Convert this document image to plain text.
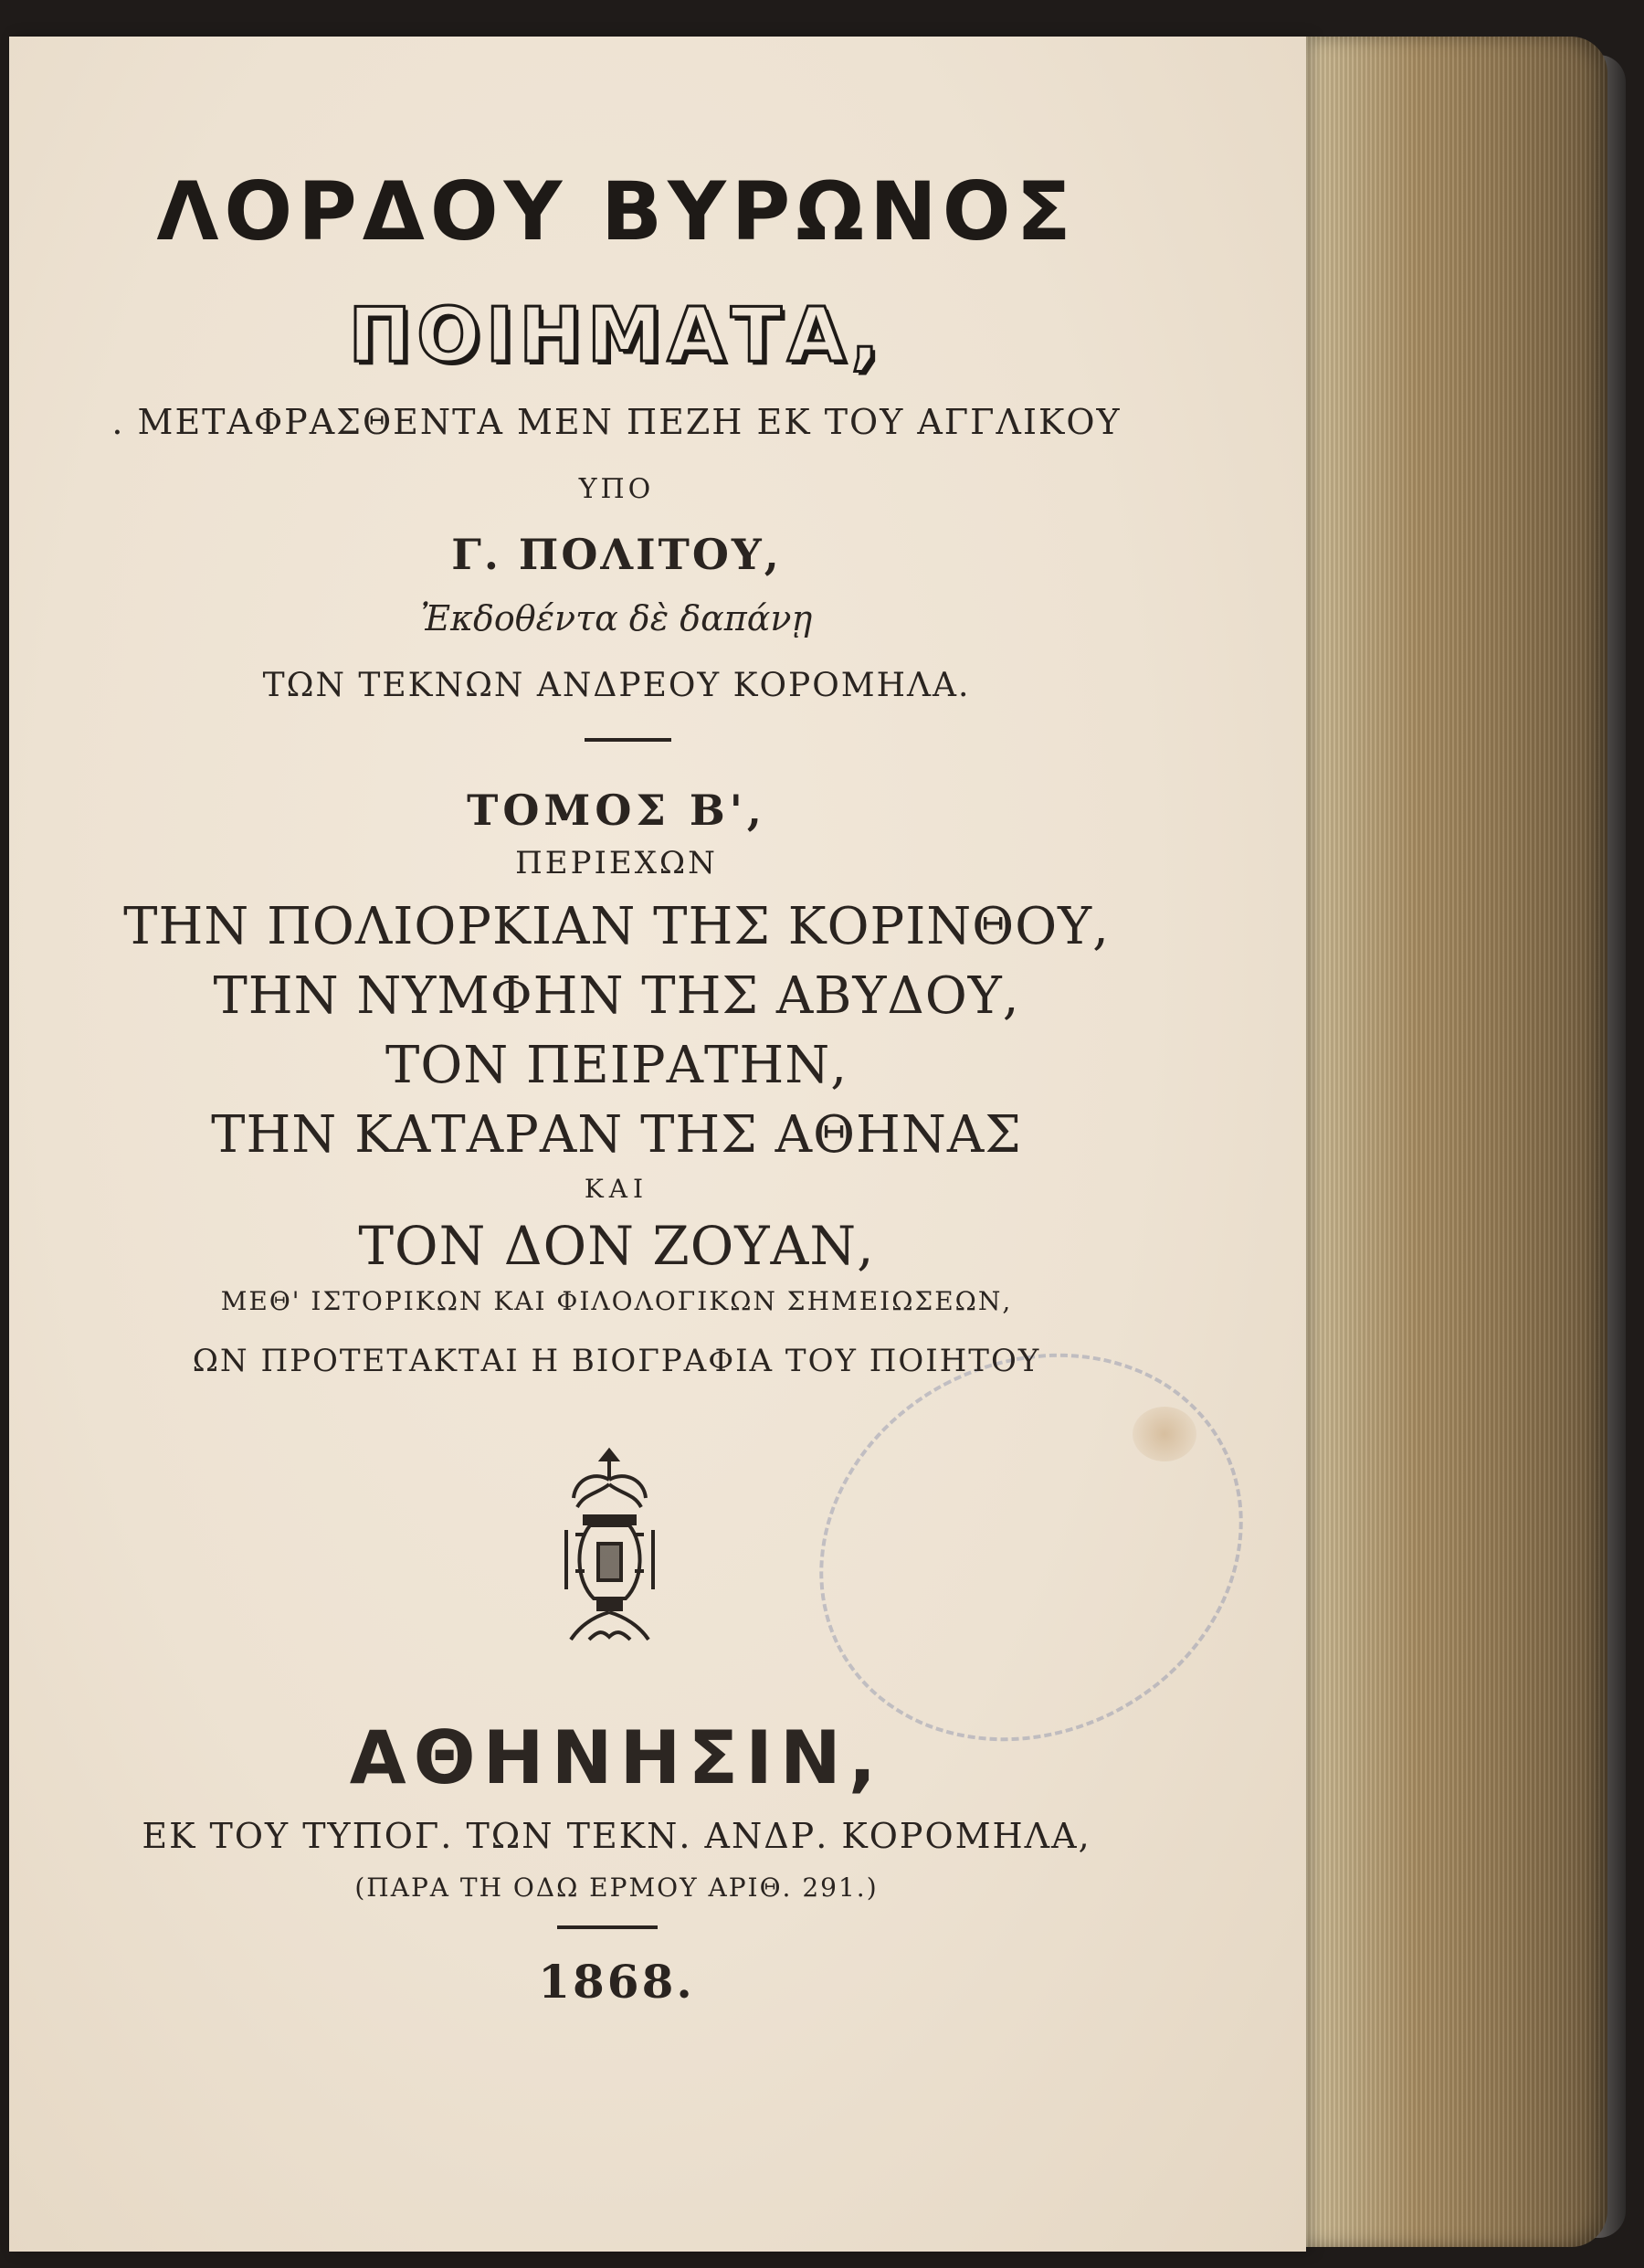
ΛΟΡΔΟΥ ΒΥΡΩΝΟΣ
ΠΟΙΗΜΑΤΑ,
. ΜΕΤΑΦΡΑΣΘΕΝΤΑ ΜΕΝ ΠΕΖΗ ΕΚ ΤΟΥ ΑΓΓΛΙΚΟΥ
ΥΠΟ
Γ. ΠΟΛΙΤΟΥ,
Ἐκδοθέντα δὲ δαπάνῃ
ΤΩΝ ΤΕΚΝΩΝ ΑΝΔΡΕΟΥ ΚΟΡΟΜΗΛΑ.
ΤΟΜΟΣ Β',
ΠΕΡΙΕΧΩΝ
ΤΗΝ ΠΟΛΙΟΡΚΙΑΝ ΤΗΣ ΚΟΡΙΝΘΟΥ,
ΤΗΝ ΝΥΜΦΗΝ ΤΗΣ ΑΒΥΔΟΥ,
ΤΟΝ ΠΕΙΡΑΤΗΝ,
ΤΗΝ ΚΑΤΑΡΑΝ ΤΗΣ ΑΘΗΝΑΣ
ΚΑΙ
ΤΟΝ ΔΟΝ ΖΟΥΑΝ,
ΜΕΘ' ΙΣΤΟΡΙΚΩΝ ΚΑΙ ΦΙΛΟΛΟΓΙΚΩΝ ΣΗΜΕΙΩΣΕΩΝ,
ΩΝ ΠΡΟΤΕΤΑΚΤΑΙ Η ΒΙΟΓΡΑΦΙΑ ΤΟΥ ΠΟΙΗΤΟΥ
ΑΘΗΝΗΣΙΝ,
ΕΚ ΤΟΥ ΤΥΠΟΓ. ΤΩΝ ΤΕΚΝ. ΑΝΔΡ. ΚΟΡΟΜΗΛΑ,
(ΠΑΡΑ ΤΗ ΟΔΩ ΕΡΜΟΥ ΑΡΙΘ. 291.)
1868.
